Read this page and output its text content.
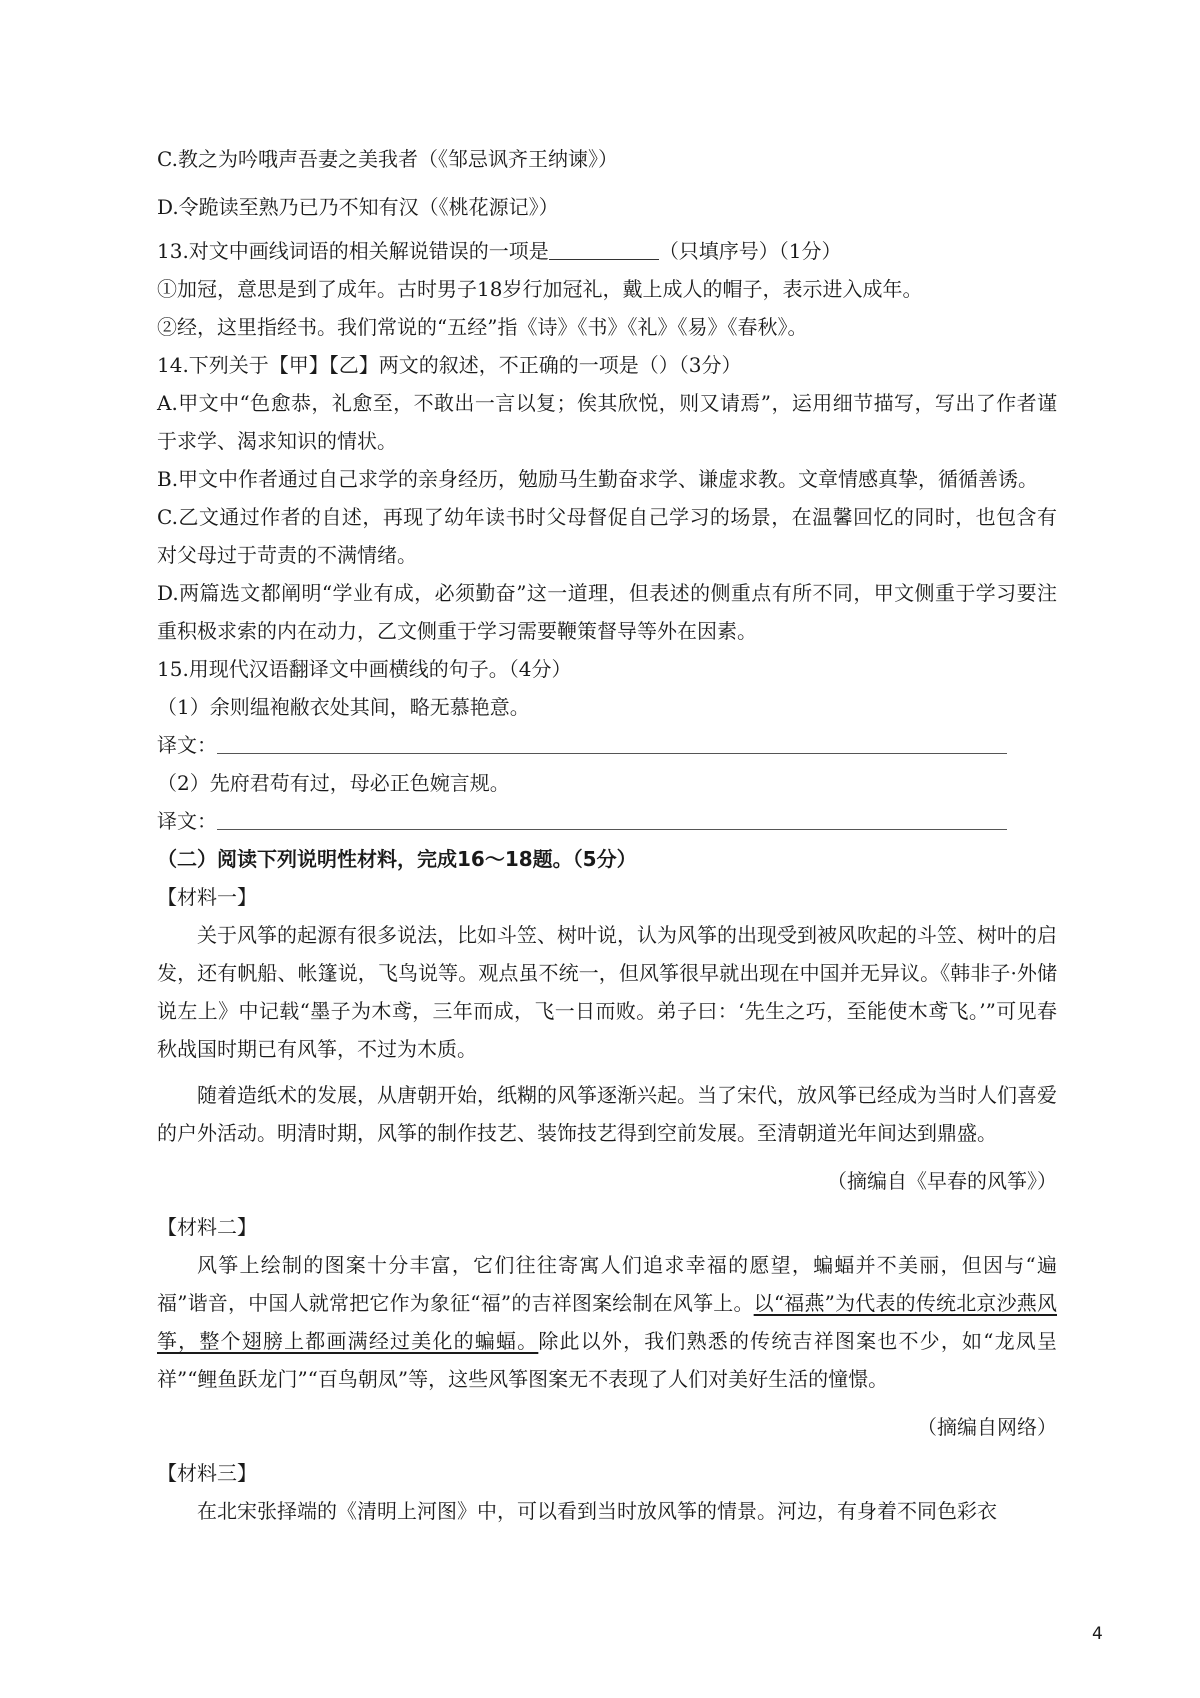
C.教之为吟哦声吾妻之美我者（《邹忌讽齐王纳谏》）
D.令跪读至熟乃已乃不知有汉（《桃花源记》）
13.对文中画线词语的相关解说错误的一项是	（只填序号）（1分）
①加冠，意思是到了成年。古时男子18岁行加冠礼，戴上成人的帽子，表示进入成年。
②经，这里指经书。我们常说的“五经”指《诗》《书》《礼》《易》《春秋》。
14.下列关于【甲】【乙】两文的叙述，不正确的一项是（）（3分）
A.甲文中“色愈恭，礼愈至，不敢出一言以复；俟其欣悦，则又请焉”，运用细节描写，写出了作者谨于求学、渴求知识的情状。
B.甲文中作者通过自己求学的亲身经历，勉励马生勤奋求学、谦虚求教。文章情感真挚，循循善诱。
C.乙文通过作者的自述，再现了幼年读书时父母督促自己学习的场景，在温馨回忆的同时，也包含有对父母过于苛责的不满情绪。
D.两篇选文都阐明“学业有成，必须勤奋”这一道理，但表述的侧重点有所不同，甲文侧重于学习要注重积极求索的内在动力，乙文侧重于学习需要鞭策督导等外在因素。
15.用现代汉语翻译文中画横线的句子。（4分）
（1）余则缊袍敝衣处其间，略无慕艳意。
译文：
（2）先府君苟有过，母必正色婉言规。
译文：
（二）阅读下列说明性材料，完成16～18题。（5分）
【材料一】
关于风筝的起源有很多说法，比如斗笠、树叶说，认为风筝的出现受到被风吹起的斗笠、树叶的启发，还有帆船、帐篷说，飞鸟说等。观点虽不统一，但风筝很早就出现在中国并无异议。《韩非子·外储说左上》中记载“墨子为木鸢，三年而成，飞一日而败。弟子曰：‘先生之巧，至能使木鸢飞。’”可见春秋战国时期已有风筝，不过为木质。
随着造纸术的发展，从唐朝开始，纸糊的风筝逐渐兴起。当了宋代，放风筝已经成为当时人们喜爱的户外活动。明清时期，风筝的制作技艺、装饰技艺得到空前发展。至清朝道光年间达到鼎盛。
（摘编自《早春的风筝》）
【材料二】
风筝上绘制的图案十分丰富，它们往往寄寓人们追求幸福的愿望，蝙蝠并不美丽，但因与“遍福”谐音，中国人就常把它作为象征“福”的吉祥图案绘制在风筝上。以“福燕”为代表的传统北京沙燕风筝，整个翅膀上都画满经过美化的蝙蝠。除此以外，我们熟悉的传统吉祥图案也不少，如“龙凤呈祥”“鲤鱼跃龙门”“百鸟朝凤”等，这些风筝图案无不表现了人们对美好生活的憧憬。
（摘编自网络）
【材料三】
在北宋张择端的《清明上河图》中，可以看到当时放风筝的情景。河边，有身着不同色彩衣
4
